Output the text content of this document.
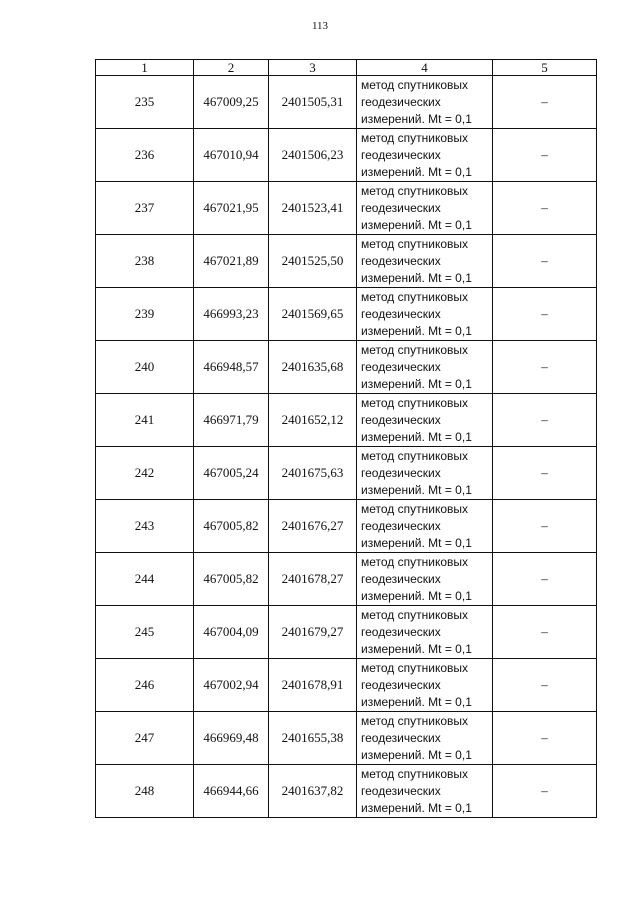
113
1	2	3	4	5
235	467009,25	2401505,31	метод спутниковых
геодезических
измерений. Mt = 0,1	–
236	467010,94	2401506,23	метод спутниковых
геодезических
измерений. Mt = 0,1	–
237	467021,95	2401523,41	метод спутниковых
геодезических
измерений. Mt = 0,1	–
238	467021,89	2401525,50	метод спутниковых
геодезических
измерений. Mt = 0,1	–
239	466993,23	2401569,65	метод спутниковых
геодезических
измерений. Mt = 0,1	–
240	466948,57	2401635,68	метод спутниковых
геодезических
измерений. Mt = 0,1	–
241	466971,79	2401652,12	метод спутниковых
геодезических
измерений. Mt = 0,1	–
242	467005,24	2401675,63	метод спутниковых
геодезических
измерений. Mt = 0,1	–
243	467005,82	2401676,27	метод спутниковых
геодезических
измерений. Mt = 0,1	–
244	467005,82	2401678,27	метод спутниковых
геодезических
измерений. Mt = 0,1	–
245	467004,09	2401679,27	метод спутниковых
геодезических
измерений. Mt = 0,1	–
246	467002,94	2401678,91	метод спутниковых
геодезических
измерений. Mt = 0,1	–
247	466969,48	2401655,38	метод спутниковых
геодезических
измерений. Mt = 0,1	–
248	466944,66	2401637,82	метод спутниковых
геодезических
измерений. Mt = 0,1	–
